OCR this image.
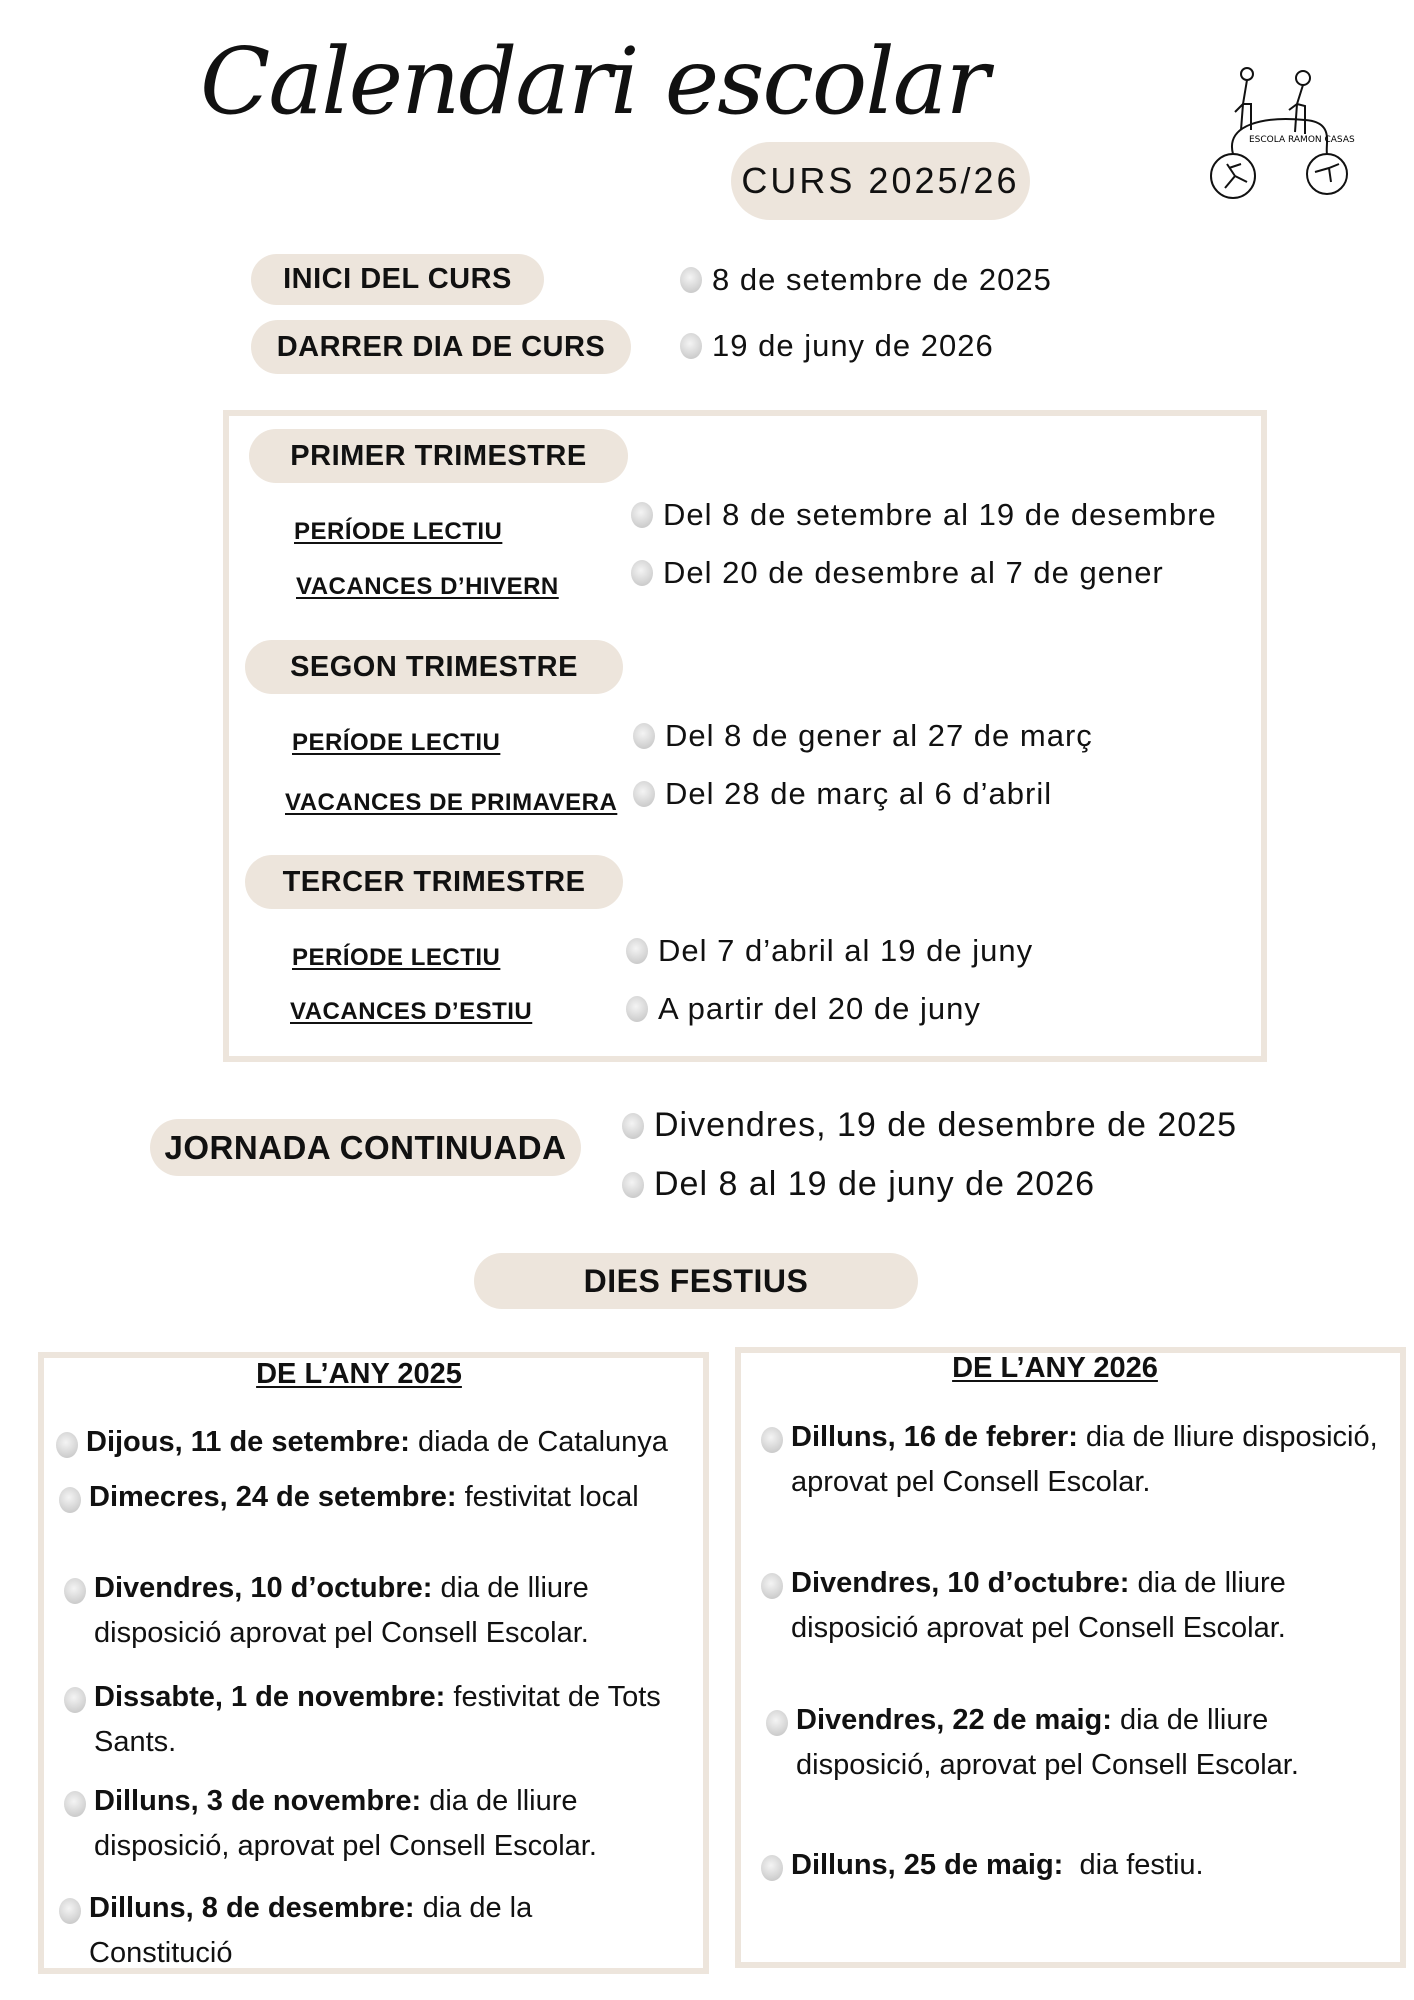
Calendari escolar
CURS 2025/26
ESCOLA RAMON CASAS
INICI DEL CURS	8 de setembre de 2025
DARRER DIA DE CURS	19 de juny de 2026
PRIMER TRIMESTRE
PERÍODE LECTIU
VACANCES D’HIVERN
Del 8 de setembre al 19 de desembre
Del 20 de desembre al 7 de gener
SEGON TRIMESTRE
PERÍODE LECTIU
VACANCES DE PRIMAVERA
Del 8 de gener al 27 de març
Del 28 de març al 6 d’abril
TERCER TRIMESTRE
PERÍODE LECTIU
VACANCES D’ESTIU
Del 7 d’abril al 19 de juny
A partir del 20 de juny
JORNADA CONTINUADA
Divendres, 19 de desembre de 2025
Del 8 al 19 de juny de 2026
DIES FESTIUS
DE L’ANY 2025
Dijous, 11 de setembre: diada de Catalunya
Dimecres, 24 de setembre: festivitat local
Divendres, 10 d’octubre: dia de lliure disposició aprovat pel Consell Escolar.
Dissabte, 1 de novembre: festivitat de Tots Sants.
Dilluns, 3 de novembre: dia de lliure disposició, aprovat pel Consell Escolar.
Dilluns, 8 de desembre: dia de la Constitució
DE L’ANY 2026
Dilluns, 16 de febrer: dia de lliure disposició, aprovat pel Consell Escolar.
Divendres, 10 d’octubre: dia de lliure disposició aprovat pel Consell Escolar.
Divendres, 22 de maig: dia de lliure disposició, aprovat pel Consell Escolar.
Dilluns, 25 de maig:  dia festiu.
